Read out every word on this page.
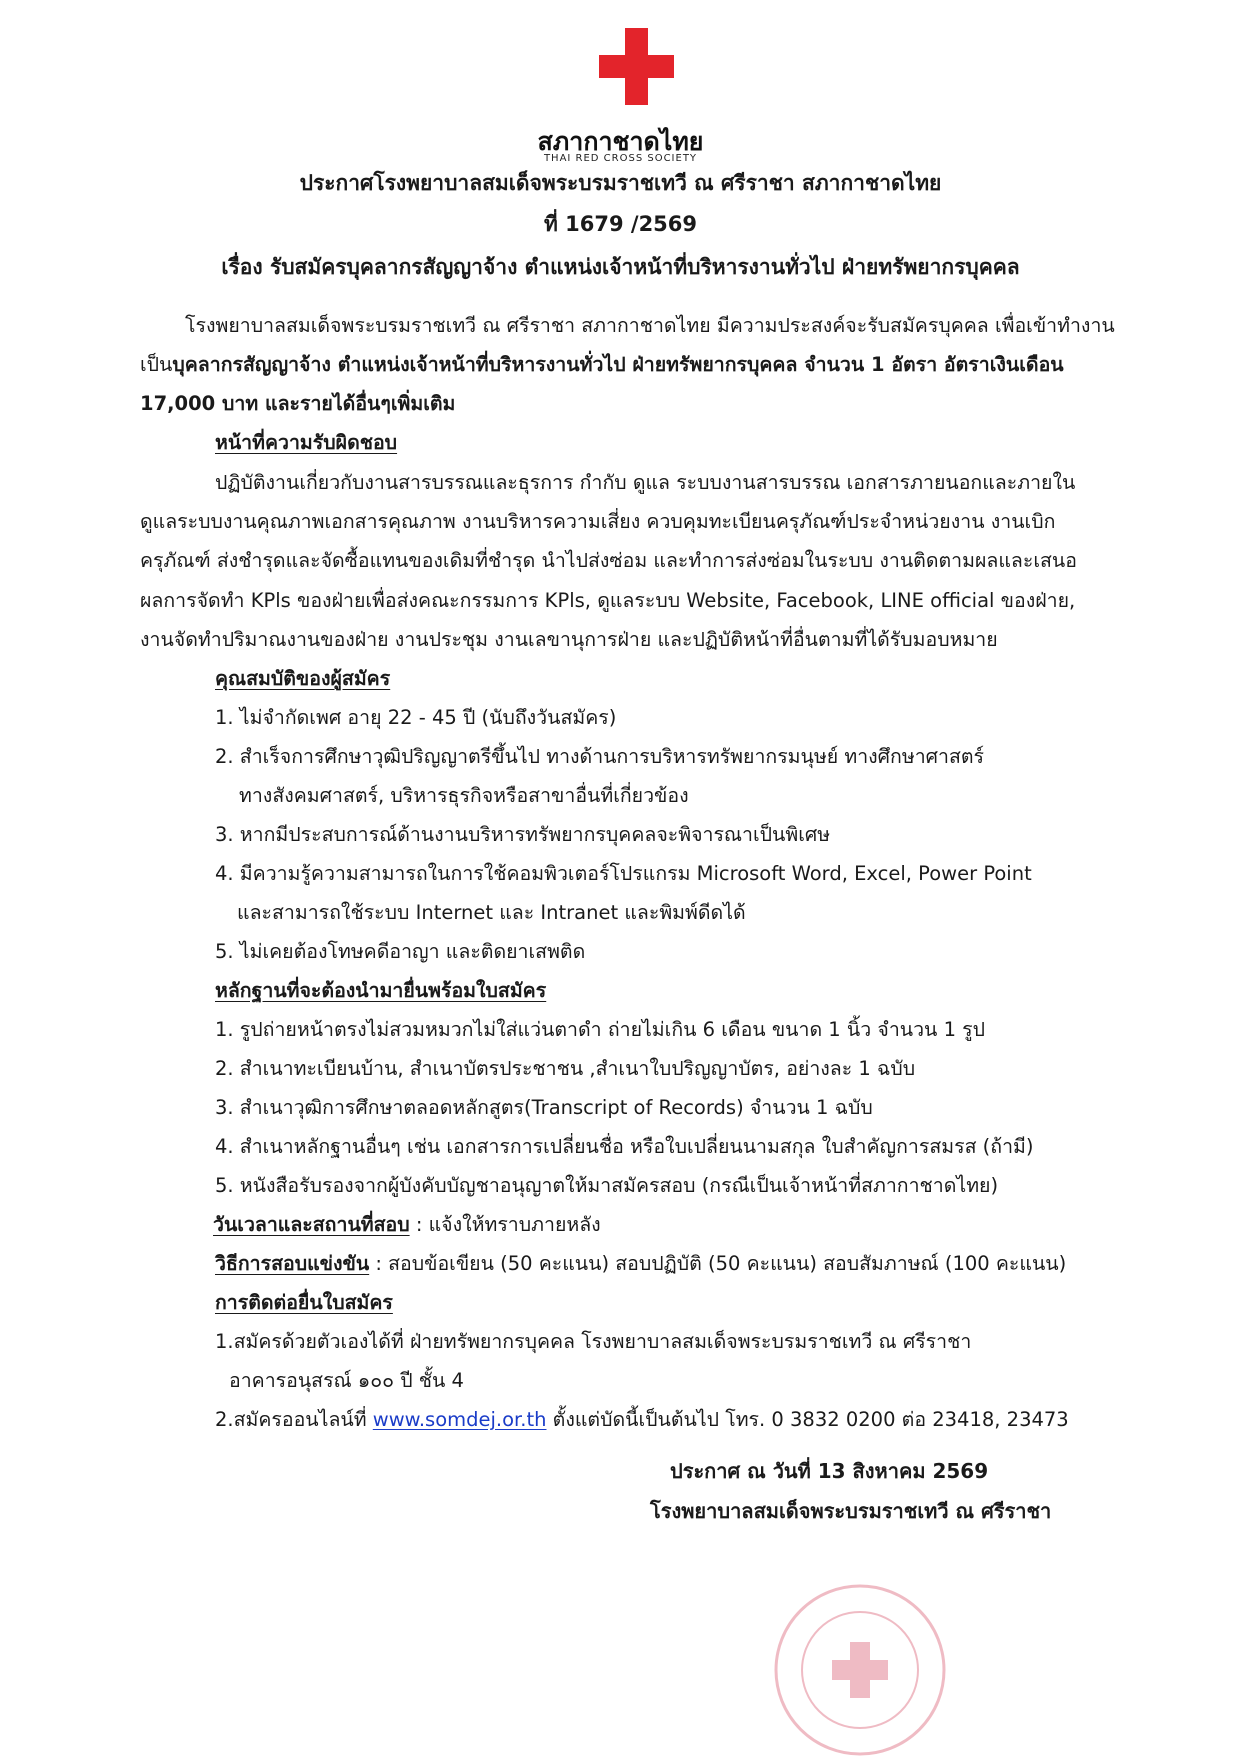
สภากาชาดไทย
THAI RED CROSS SOCIETY
ประกาศโรงพยาบาลสมเด็จพระบรมราชเทวี ณ ศรีราชา สภากาชาดไทย
ที่ 1679 /2569
เรื่อง รับสมัครบุคลากรสัญญาจ้าง ตำแหน่งเจ้าหน้าที่บริหารงานทั่วไป ฝ่ายทรัพยากรบุคคล
โรงพยาบาลสมเด็จพระบรมราชเทวี ณ ศรีราชา สภากาชาดไทย มีความประสงค์จะรับสมัครบุคคล เพื่อเข้าทำงาน
เป็นบุคลากรสัญญาจ้าง ตำแหน่งเจ้าหน้าที่บริหารงานทั่วไป ฝ่ายทรัพยากรบุคคล จำนวน 1 อัตรา อัตราเงินเดือน
17,000 บาท และรายได้อื่นๆเพิ่มเติม
หน้าที่ความรับผิดชอบ
ปฏิบัติงานเกี่ยวกับงานสารบรรณและธุรการ กำกับ ดูแล ระบบงานสารบรรณ เอกสารภายนอกและภายใน
ดูแลระบบงานคุณภาพเอกสารคุณภาพ งานบริหารความเสี่ยง ควบคุมทะเบียนครุภัณฑ์ประจำหน่วยงาน งานเบิก
ครุภัณฑ์ ส่งชำรุดและจัดซื้อแทนของเดิมที่ชำรุด นำไปส่งซ่อม และทำการส่งซ่อมในระบบ งานติดตามผลและเสนอ
ผลการจัดทำ KPls ของฝ่ายเพื่อส่งคณะกรรมการ KPls, ดูแลระบบ Website, Facebook, LINE official ของฝ่าย,
งานจัดทำปริมาณงานของฝ่าย งานประชุม งานเลขานุการฝ่าย และปฏิบัติหน้าที่อื่นตามที่ได้รับมอบหมาย
คุณสมบัติของผู้สมัคร
1. ไม่จำกัดเพศ อายุ 22 - 45 ปี (นับถึงวันสมัคร)
2. สำเร็จการศึกษาวุฒิปริญญาตรีขึ้นไป ทางด้านการบริหารทรัพยากรมนุษย์ ทางศึกษาศาสตร์
ทางสังคมศาสตร์, บริหารธุรกิจหรือสาขาอื่นที่เกี่ยวข้อง
3. หากมีประสบการณ์ด้านงานบริหารทรัพยากรบุคคลจะพิจารณาเป็นพิเศษ
4. มีความรู้ความสามารถในการใช้คอมพิวเตอร์โปรแกรม Microsoft Word, Excel, Power Point
และสามารถใช้ระบบ Internet และ Intranet และพิมพ์ดีดได้
5. ไม่เคยต้องโทษคดีอาญา และติดยาเสพติด
หลักฐานที่จะต้องนำมายื่นพร้อมใบสมัคร
1. รูปถ่ายหน้าตรงไม่สวมหมวกไม่ใส่แว่นตาดำ ถ่ายไม่เกิน 6 เดือน ขนาด 1 นิ้ว จำนวน 1 รูป
2. สำเนาทะเบียนบ้าน, สำเนาบัตรประชาชน ,สำเนาใบปริญญาบัตร, อย่างละ 1 ฉบับ
3. สำเนาวุฒิการศึกษาตลอดหลักสูตร(Transcript of Records) จำนวน 1 ฉบับ
4. สำเนาหลักฐานอื่นๆ เช่น เอกสารการเปลี่ยนชื่อ หรือใบเปลี่ยนนามสกุล ใบสำคัญการสมรส (ถ้ามี)
5. หนังสือรับรองจากผู้บังคับบัญชาอนุญาตให้มาสมัครสอบ (กรณีเป็นเจ้าหน้าที่สภากาชาดไทย)
วันเวลาและสถานที่สอบ : แจ้งให้ทราบภายหลัง
วิธีการสอบแข่งขัน : สอบข้อเขียน (50 คะแนน) สอบปฏิบัติ (50 คะแนน) สอบสัมภาษณ์ (100 คะแนน)
การติดต่อยื่นใบสมัคร
1.สมัครด้วยตัวเองได้ที่ ฝ่ายทรัพยากรบุคคล โรงพยาบาลสมเด็จพระบรมราชเทวี ณ ศรีราชา
อาคารอนุสรณ์ ๑๐๐ ปี ชั้น 4
2.สมัครออนไลน์ที่ www.somdej.or.th ตั้งแต่บัดนี้เป็นต้นไป โทร. 0 3832 0200 ต่อ 23418, 23473
ประกาศ ณ วันที่ 13 สิงหาคม 2569
โรงพยาบาลสมเด็จพระบรมราชเทวี ณ ศรีราชา
